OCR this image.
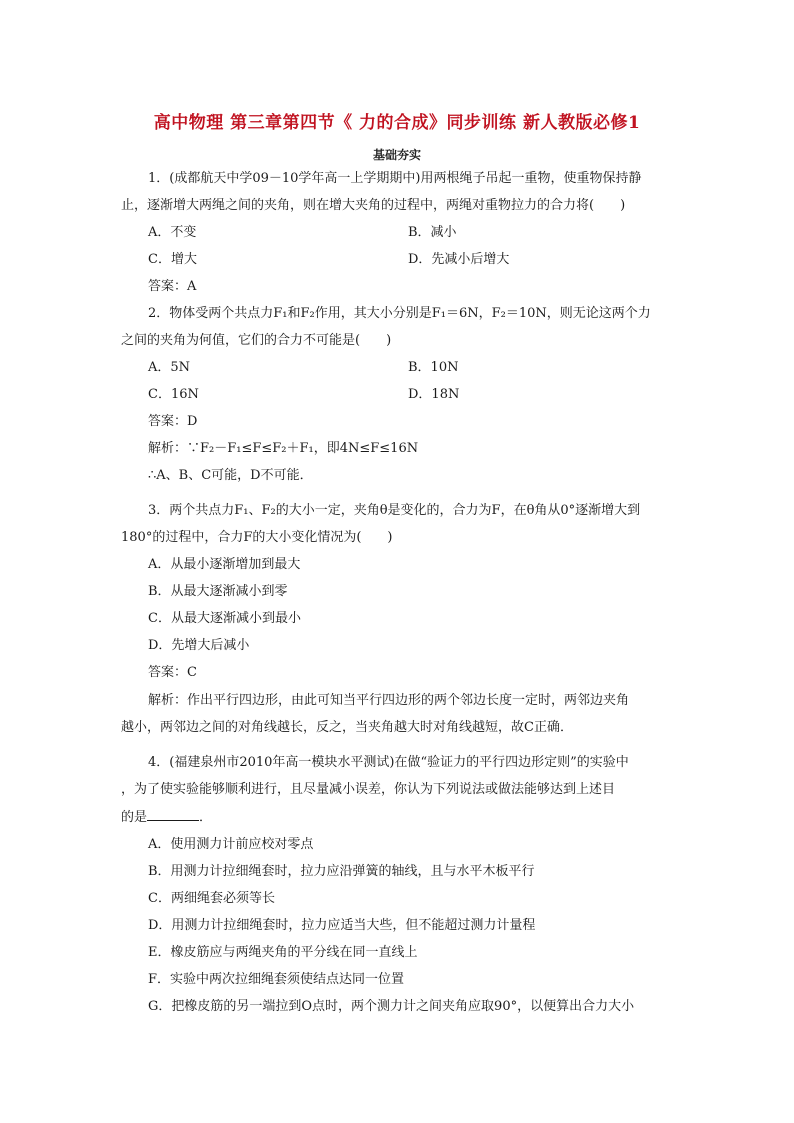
高中物理 第三章第四节《 力的合成》同步训练 新人教版必修1
基础夯实
1．(成都航天中学09－10学年高一上学期期中)用两根绳子吊起一重物，使重物保持静
止，逐渐增大两绳之间的夹角，则在增大夹角的过程中，两绳对重物拉力的合力将(　　)
A．不变	B．减小
C．增大	D．先减小后增大
答案：A
2．物体受两个共点力F₁和F₂作用，其大小分别是F₁＝6N，F₂＝10N，则无论这两个力
之间的夹角为何值，它们的合力不可能是(　　)
A．5N	B．10N
C．16N	D．18N
答案：D
解析：∵F₂－F₁≤F≤F₂＋F₁，即4N≤F≤16N
∴A、B、C可能，D不可能．
3．两个共点力F₁、F₂的大小一定，夹角θ是变化的，合力为F，在θ角从0°逐渐增大到
180°的过程中，合力F的大小变化情况为(　　)
A．从最小逐渐增加到最大
B．从最大逐渐减小到零
C．从最大逐渐减小到最小
D．先增大后减小
答案：C
解析：作出平行四边形，由此可知当平行四边形的两个邻边长度一定时，两邻边夹角
越小，两邻边之间的对角线越长，反之，当夹角越大时对角线越短，故C正确．
4．(福建泉州市2010年高一模块水平测试)在做“验证力的平行四边形定则”的实验中
，为了使实验能够顺利进行，且尽量减小误差，你认为下列说法或做法能够达到上述目
的是	．
A．使用测力计前应校对零点
B．用测力计拉细绳套时，拉力应沿弹簧的轴线，且与水平木板平行
C．两细绳套必须等长
D．用测力计拉细绳套时，拉力应适当大些，但不能超过测力计量程
E．橡皮筋应与两绳夹角的平分线在同一直线上
F．实验中两次拉细绳套须使结点达同一位置
G．把橡皮筋的另一端拉到O点时，两个测力计之间夹角应取90°，以便算出合力大小
